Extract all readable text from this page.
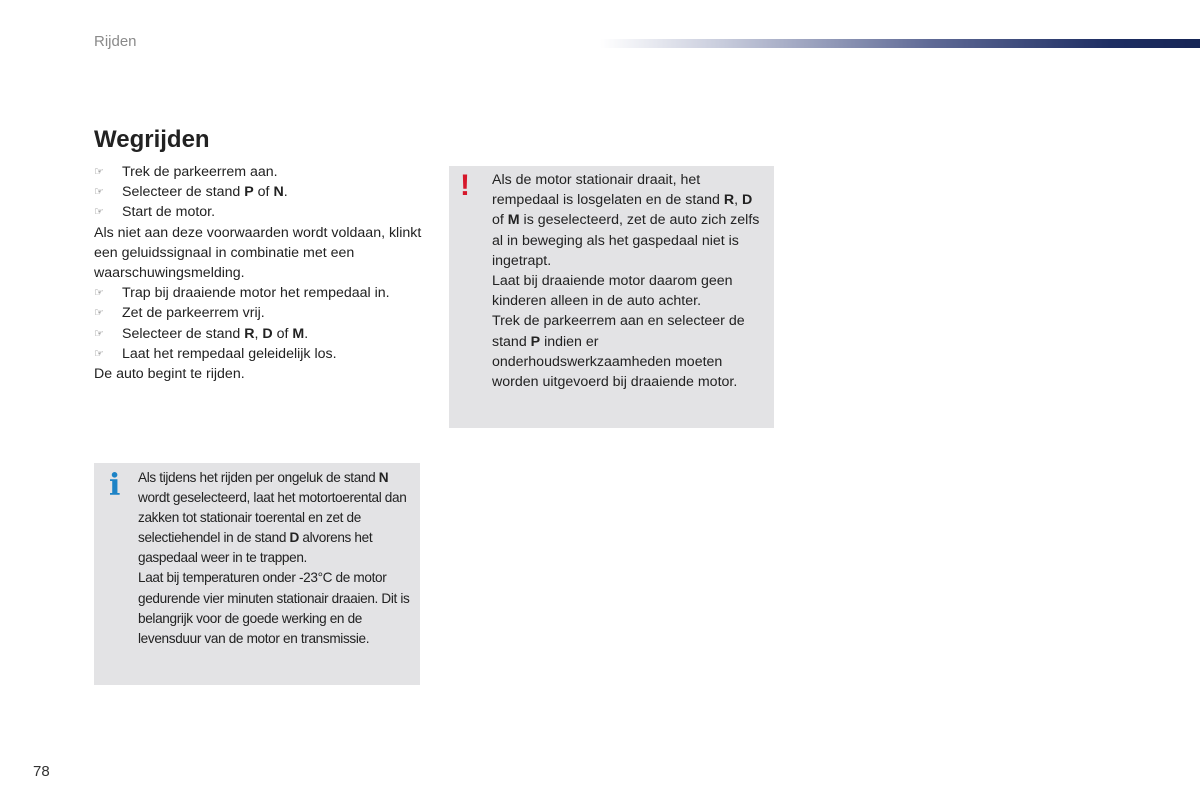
Rijden
Wegrijden
☞ Trek de parkeerrem aan.
☞ Selecteer de stand P of N.
☞ Start de motor.
Als niet aan deze voorwaarden wordt voldaan, klinkt een geluidssignaal in combinatie met een waarschuwingsmelding.
☞ Trap bij draaiende motor het rempedaal in.
☞ Zet de parkeerrem vrij.
☞ Selecteer de stand R, D of M.
☞ Laat het rempedaal geleidelijk los.
De auto begint te rijden.
! Als de motor stationair draait, het rempedaal is losgelaten en de stand R, D of M is geselecteerd, zet de auto zich zelfs al in beweging als het gaspedaal niet is ingetrapt.
Laat bij draaiende motor daarom geen kinderen alleen in de auto achter.
Trek de parkeerrem aan en selecteer de stand P indien er onderhoudswerkzaamheden moeten worden uitgevoerd bij draaiende motor.
i Als tijdens het rijden per ongeluk de stand N wordt geselecteerd, laat het motortoerental dan zakken tot stationair toerental en zet de selectiehendel in de stand D alvorens het gaspedaal weer in te trappen.
Laat bij temperaturen onder -23°C de motor gedurende vier minuten stationair draaien. Dit is belangrijk voor de goede werking en de levensduur van de motor en transmissie.
78
